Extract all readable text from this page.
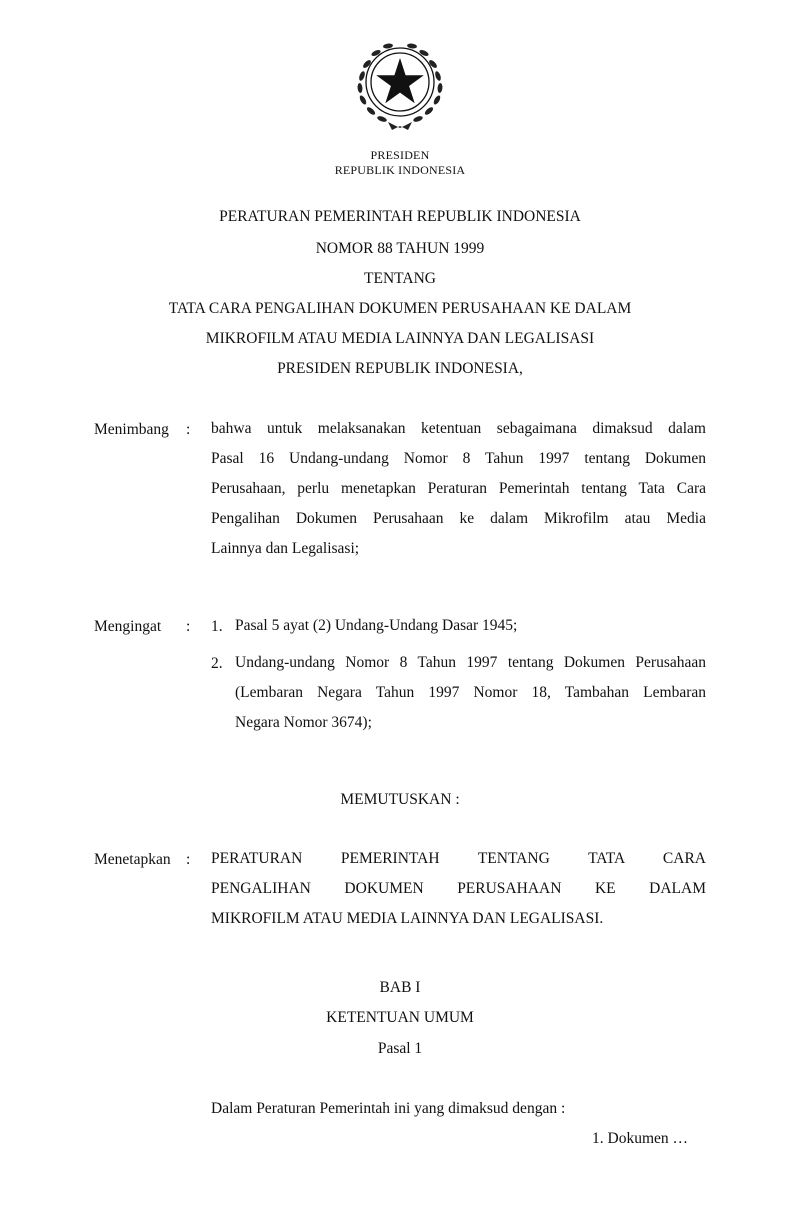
PRESIDEN
REPUBLIK INDONESIA
PERATURAN PEMERINTAH REPUBLIK INDONESIA
NOMOR 88 TAHUN 1999
TENTANG
TATA CARA PENGALIHAN DOKUMEN PERUSAHAAN KE DALAM
MIKROFILM ATAU MEDIA LAINNYA DAN LEGALISASI
PRESIDEN REPUBLIK INDONESIA,
Menimbang : bahwa untuk melaksanakan ketentuan sebagaimana dimaksud dalam
Pasal 16 Undang-undang Nomor 8 Tahun 1997 tentang Dokumen
Perusahaan, perlu menetapkan Peraturan Pemerintah tentang Tata Cara
Pengalihan Dokumen Perusahaan ke dalam Mikrofilm atau Media
Lainnya dan Legalisasi;
Mengingat : 1. Pasal 5 ayat (2) Undang-Undang Dasar 1945;
2. Undang-undang Nomor 8 Tahun 1997 tentang Dokumen Perusahaan
(Lembaran Negara Tahun 1997 Nomor 18, Tambahan Lembaran
Negara Nomor 3674);
MEMUTUSKAN :
Menetapkan : PERATURAN PEMERINTAH TENTANG TATA CARA
PENGALIHAN DOKUMEN PERUSAHAAN KE DALAM
MIKROFILM ATAU MEDIA LAINNYA DAN LEGALISASI.
BAB I
KETENTUAN UMUM
Pasal 1
Dalam Peraturan Pemerintah ini yang dimaksud dengan :
1. Dokumen …
